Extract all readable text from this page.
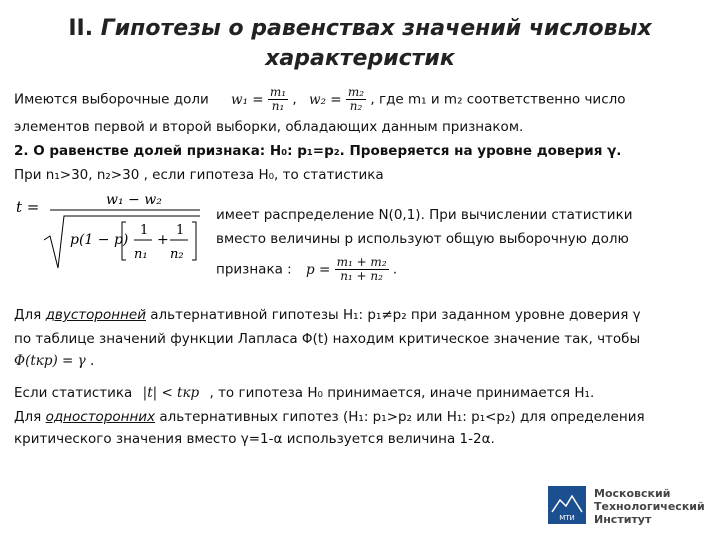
II. Гипотезы о равенствах значений числовых
характеристик
Имеются выборочные доли $w_1 = \frac{\text{m₁}}{\text{n₁}}$ , $w_2 = \frac{\text{m₂}}{\text{n₂}}$ , где m₁ и m₂ соответственно число
элементов первой и второй выборки, обладающих данным признаком.
2. О равенстве долей признака: H₀: p₁=p₂. Проверяется на уровне доверия γ.
При n₁>30, n₂>30 , если гипотеза H₀, то статистика
t =	w₁ − w₂
p(1 − p)
1
n₁
+
1
n₂
имеет распределение N(0,1). При вычислении статистики
вместо величины p используют общую выборочную долю
признака : $p = \frac{\text{m₁ + m₂}}{\text{n₁ + n₂}}$ .
Для двусторонней альтернативной гипотезы H₁: p₁≠p₂ при заданном уровне доверия γ
по таблице значений функции Лапласа Φ(t) находим критическое значение так, чтобы
Φ(tкр) = γ .
Если статистика |t| < tкр , то гипотеза H₀ принимается, иначе принимается H₁.
Для односторонних альтернативных гипотез (H₁: p₁>p₂ или H₁: p₁<p₂) для определения
критического значения вместо γ=1-α используется величина 1-2α.
МТИ
Московский
Технологический
Институт
